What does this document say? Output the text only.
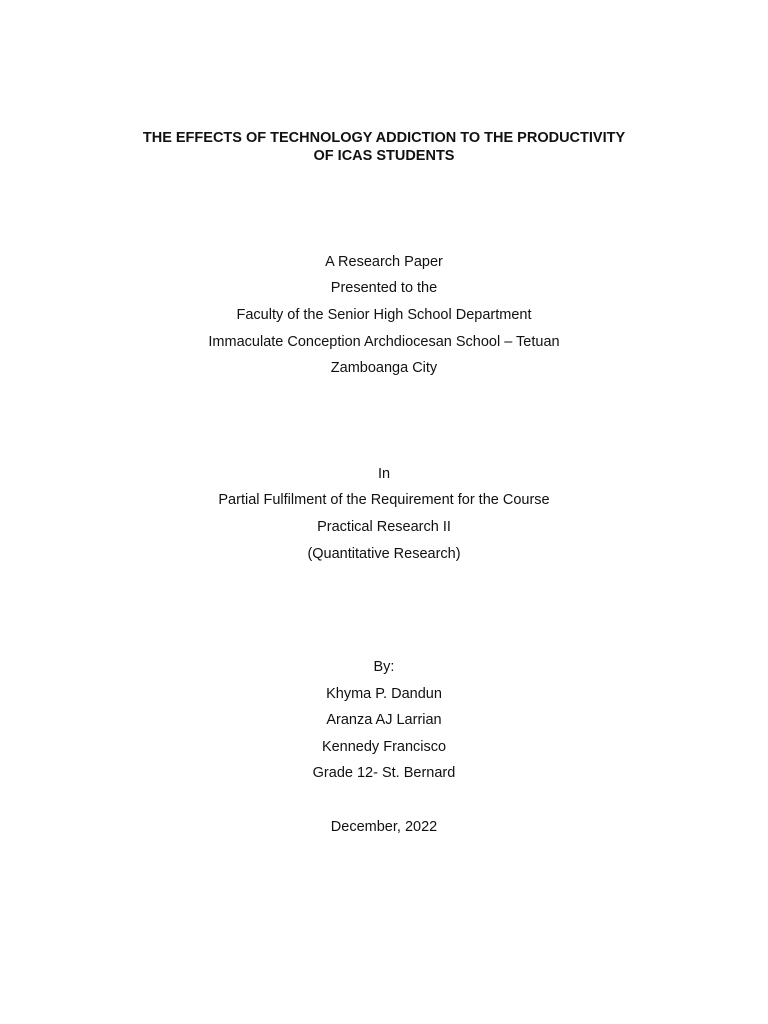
THE EFFECTS OF TECHNOLOGY ADDICTION TO THE PRODUCTIVITY
OF ICAS STUDENTS
A Research Paper
Presented to the
Faculty of the Senior High School Department
Immaculate Conception Archdiocesan School – Tetuan
Zamboanga City
In
Partial Fulfilment of the Requirement for the Course
Practical Research II
(Quantitative Research)
By:
Khyma P. Dandun
Aranza AJ Larrian
Kennedy Francisco
Grade 12- St. Bernard
December, 2022
